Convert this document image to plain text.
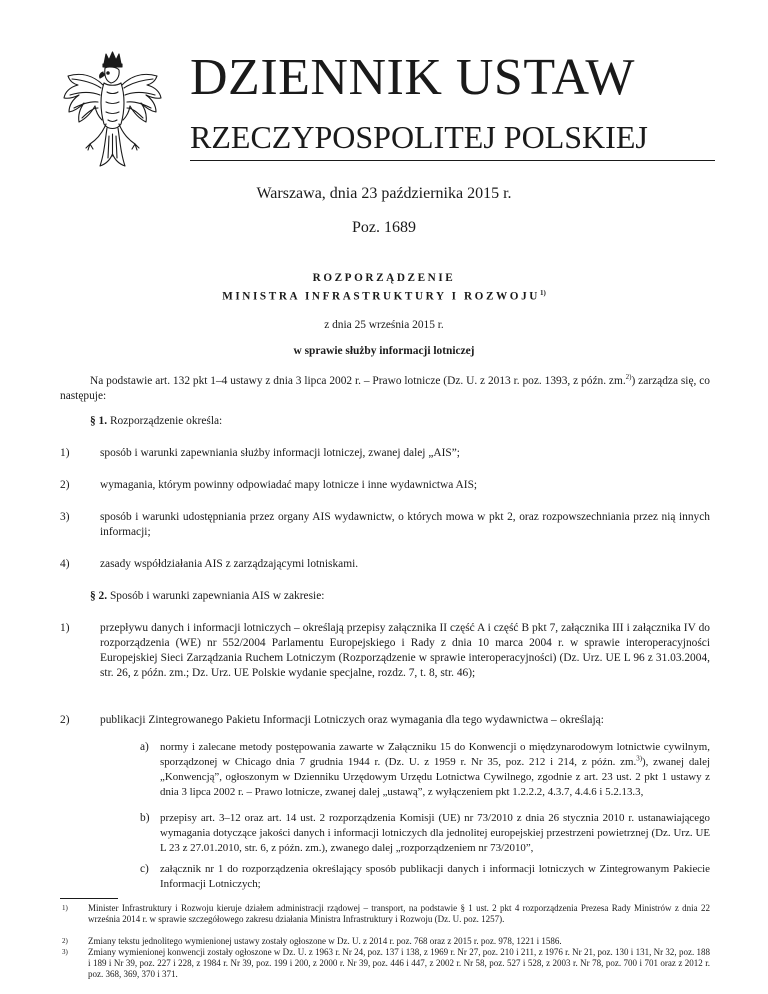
DZIENNIK USTAW
RZECZYPOSPOLITEJ POLSKIEJ
Warszawa, dnia 23 października 2015 r.
Poz. 1689
ROZPORZĄDZENIE
MINISTRA INFRASTRUKTURY I ROZWOJU$^{1)}$
z dnia 25 września 2015 r.
w sprawie służby informacji lotniczej
Na podstawie art. 132 pkt 1–4 ustawy z dnia 3 lipca 2002 r. – Prawo lotnicze (Dz. U. z 2013 r. poz. 1393, z późn. zm.$^{2)}$) zarządza się, co następuje:
§ 1. Rozporządzenie określa:
1)	sposób i warunki zapewniania służby informacji lotniczej, zwanej dalej „AIS”;
2)	wymagania, którym powinny odpowiadać mapy lotnicze i inne wydawnictwa AIS;
3)	sposób i warunki udostępniania przez organy AIS wydawnictw, o których mowa w pkt 2, oraz rozpowszechniania przez nią innych informacji;
4)	zasady współdziałania AIS z zarządzającymi lotniskami.
§ 2. Sposób i warunki zapewniania AIS w zakresie:
1)	przepływu danych i informacji lotniczych – określają przepisy załącznika II część A i część B pkt 7, załącznika III i załącznika IV do rozporządzenia (WE) nr 552/2004 Parlamentu Europejskiego i Rady z dnia 10 marca 2004 r. w sprawie interoperacyjności Europejskiej Sieci Zarządzania Ruchem Lotniczym (Rozporządzenie w sprawie interoperacyjności) (Dz. Urz. UE L 96 z 31.03.2004, str. 26, z późn. zm.; Dz. Urz. UE Polskie wydanie specjalne, rozdz. 7, t. 8, str. 46);
2)	publikacji Zintegrowanego Pakietu Informacji Lotniczych oraz wymagania dla tego wydawnictwa – określają:
a) normy i zalecane metody postępowania zawarte w Załączniku 15 do Konwencji o międzynarodowym lotnictwie cywilnym, sporządzonej w Chicago dnia 7 grudnia 1944 r. (Dz. U. z 1959 r. Nr 35, poz. 212 i 214, z późn. zm.$^{3)}$), zwanej dalej „Konwencją”, ogłoszonym w Dzienniku Urzędowym Urzędu Lotnictwa Cywilnego, zgodnie z art. 23 ust. 2 pkt 1 ustawy z dnia 3 lipca 2002 r. – Prawo lotnicze, zwanej dalej „ustawą”, z wyłączeniem pkt 1.2.2.2, 4.3.7, 4.4.6 i 5.2.13.3,
b) przepisy art. 3–12 oraz art. 14 ust. 2 rozporządzenia Komisji (UE) nr 73/2010 z dnia 26 stycznia 2010 r. ustanawiającego wymagania dotyczące jakości danych i informacji lotniczych dla jednolitej europejskiej przestrzeni powietrznej (Dz. Urz. UE L 23 z 27.01.2010, str. 6, z późn. zm.), zwanego dalej „rozporządzeniem nr 73/2010”,
c) załącznik nr 1 do rozporządzenia określający sposób publikacji danych i informacji lotniczych w Zintegrowanym Pakiecie Informacji Lotniczych;
1) Minister Infrastruktury i Rozwoju kieruje działem administracji rządowej – transport, na podstawie § 1 ust. 2 pkt 4 rozporządzenia Prezesa Rady Ministrów z dnia 22 września 2014 r. w sprawie szczegółowego zakresu działania Ministra Infrastruktury i Rozwoju (Dz. U. poz. 1257).
2) Zmiany tekstu jednolitego wymienionej ustawy zostały ogłoszone w Dz. U. z 2014 r. poz. 768 oraz z 2015 r. poz. 978, 1221 i 1586.
3) Zmiany wymienionej konwencji zostały ogłoszone w Dz. U. z 1963 r. Nr 24, poz. 137 i 138, z 1969 r. Nr 27, poz. 210 i 211, z 1976 r. Nr 21, poz. 130 i 131, Nr 32, poz. 188 i 189 i Nr 39, poz. 227 i 228, z 1984 r. Nr 39, poz. 199 i 200, z 2000 r. Nr 39, poz. 446 i 447, z 2002 r. Nr 58, poz. 527 i 528, z 2003 r. Nr 78, poz. 700 i 701 oraz z 2012 r. poz. 368, 369, 370 i 371.
